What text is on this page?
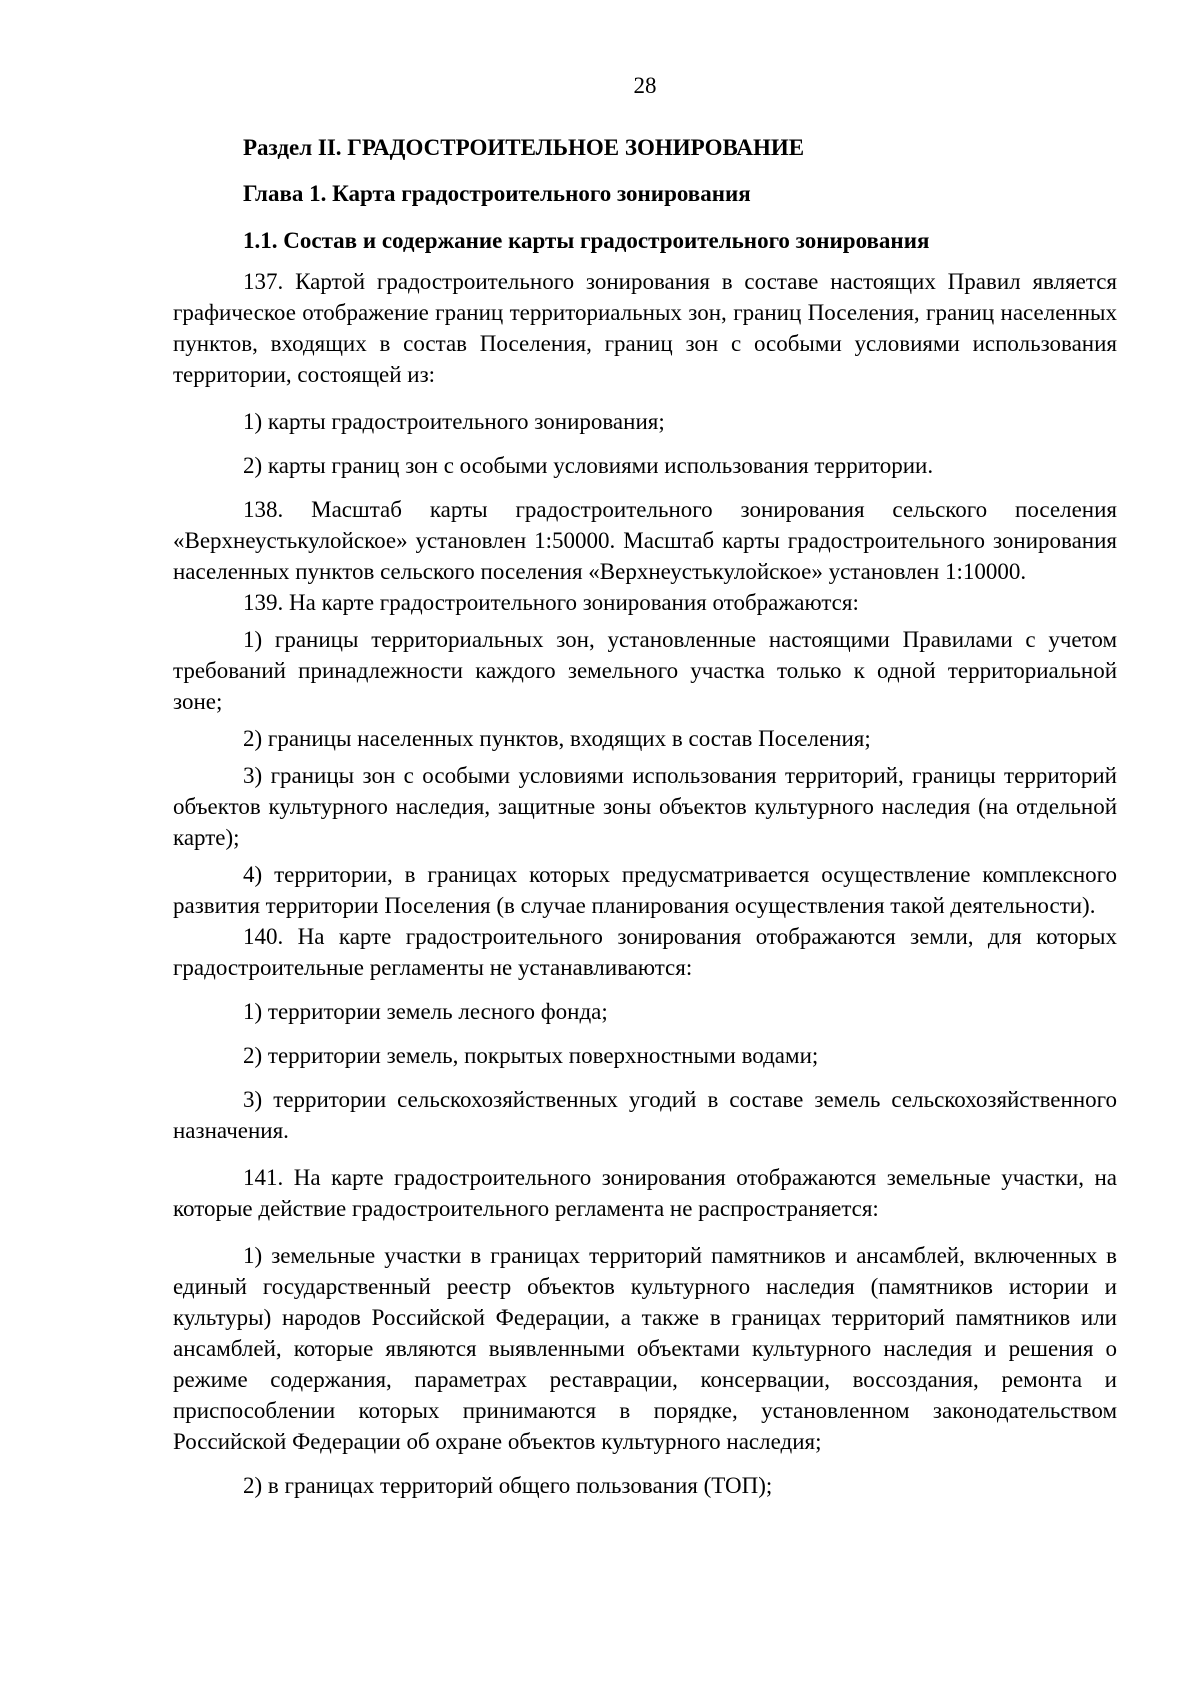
28
Раздел II. ГРАДОСТРОИТЕЛЬНОЕ ЗОНИРОВАНИЕ
Глава 1. Карта градостроительного зонирования
1.1. Состав и содержание карты градостроительного зонирования

137. Картой градостроительного зонирования в составе настоящих Правил является графическое отображение границ территориальных зон, границ Поселения, границ населенных пунктов, входящих в состав Поселения, границ зон с особыми условиями использования территории, состоящей из:

1) карты градостроительного зонирования;

2) карты границ зон с особыми условиями использования территории.

138. Масштаб карты градостроительного зонирования сельского поселения «Верхнеустькулойское» установлен 1:50000. Масштаб карты градостроительного зонирования населенных пунктов сельского поселения «Верхнеустькулойское» установлен 1:10000.

139. На карте градостроительного зонирования отображаются:

1) границы территориальных зон, установленные настоящими Правилами с учетом требований принадлежности каждого земельного участка только к одной территориальной зоне;

2) границы населенных пунктов, входящих в состав Поселения;

3) границы зон с особыми условиями использования территорий, границы территорий объектов культурного наследия, защитные зоны объектов культурного наследия (на отдельной карте);

4) территории, в границах которых предусматривается осуществление комплексного развития территории Поселения (в случае планирования осуществления такой деятельности).

140. На карте градостроительного зонирования отображаются земли, для которых градостроительные регламенты не устанавливаются:

1) территории земель лесного фонда;

2) территории земель, покрытых поверхностными водами;

3) территории сельскохозяйственных угодий в составе земель сельскохозяйственного назначения.

141. На карте градостроительного зонирования отображаются земельные участки, на которые действие градостроительного регламента не распространяется:

1) земельные участки в границах территорий памятников и ансамблей, включенных в единый государственный реестр объектов культурного наследия (памятников истории и культуры) народов Российской Федерации, а также в границах территорий памятников или ансамблей, которые являются выявленными объектами культурного наследия и решения о режиме содержания, параметрах реставрации, консервации, воссоздания, ремонта и приспособлении которых принимаются в порядке, установленном законодательством Российской Федерации об охране объектов культурного наследия;

2) в границах территорий общего пользования (ТОП);
